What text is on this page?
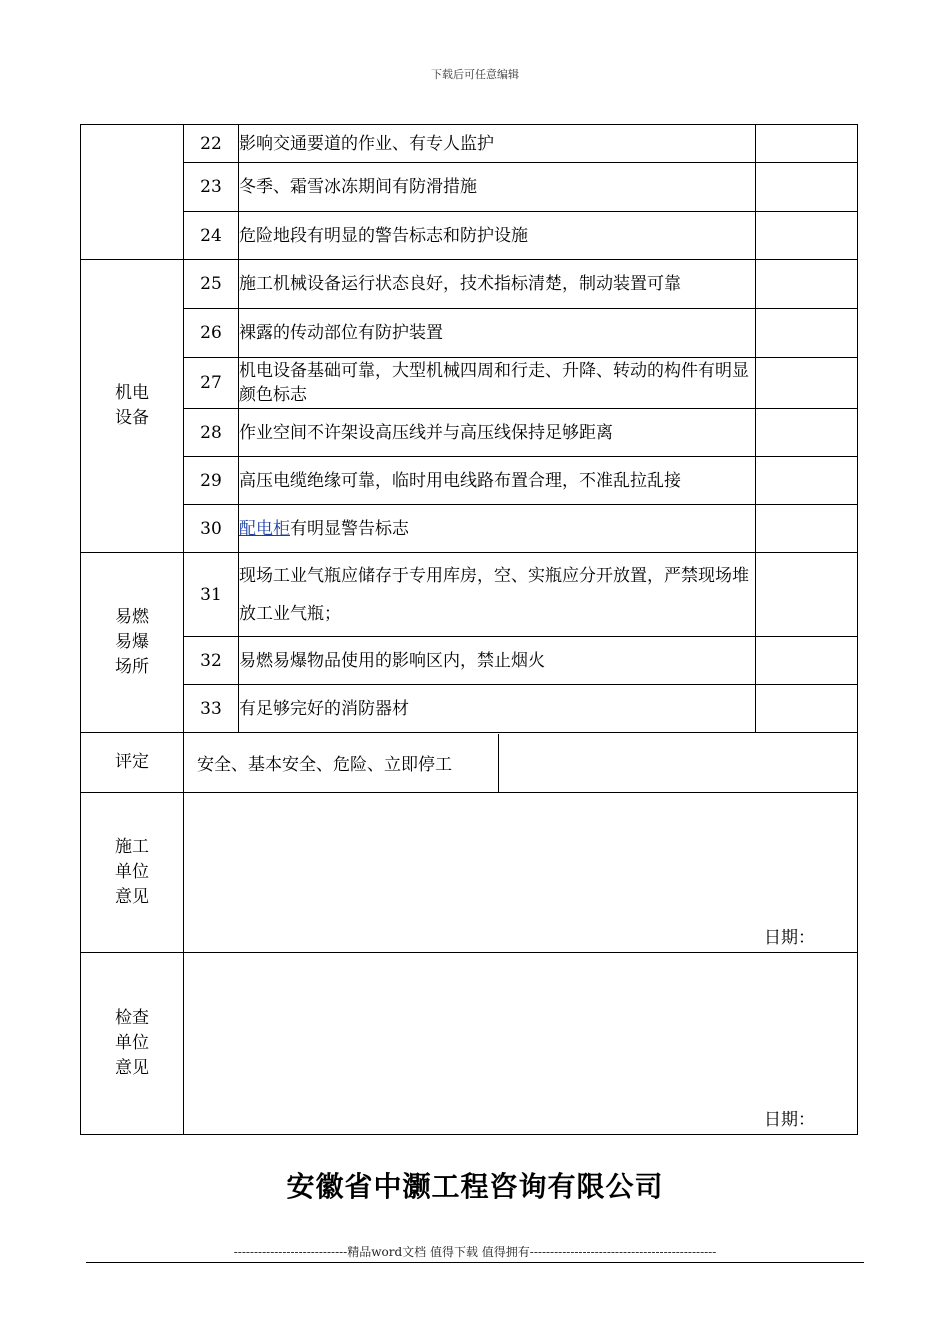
下载后可任意编辑
	22	影响交通要道的作业、有专人监护	
23	冬季、霜雪冰冻期间有防滑措施	
24	危险地段有明显的警告标志和防护设施	

机电
设备
	25	施工机械设备运行状态良好，技术指标清楚，制动装置可靠	
26	裸露的传动部位有防护装置	
27	机电设备基础可靠，大型机械四周和行走、升降、转动的构件有明显颜色标志	
28	作业空间不许架设高压线并与高压线保持足够距离	
29	高压电缆绝缘可靠，临时用电线路布置合理，不准乱拉乱接	
30	配电柜有明显警告标志	

易燃
易爆
场所
	31	现场工业气瓶应储存于专用库房，空、实瓶应分开放置，严禁现场堆放工业气瓶；	
32	易燃易爆物品使用的影响区内，禁止烟火	
33	有足够完好的消防器材	
评定		安全、基本安全、危险、立即停工	

施工
单位
意见

日期：

检查
单位
意见

日期：
安徽省中灏工程咨询有限公司
----------------------------精品word文档 值得下载 值得拥有----------------------------------------------
